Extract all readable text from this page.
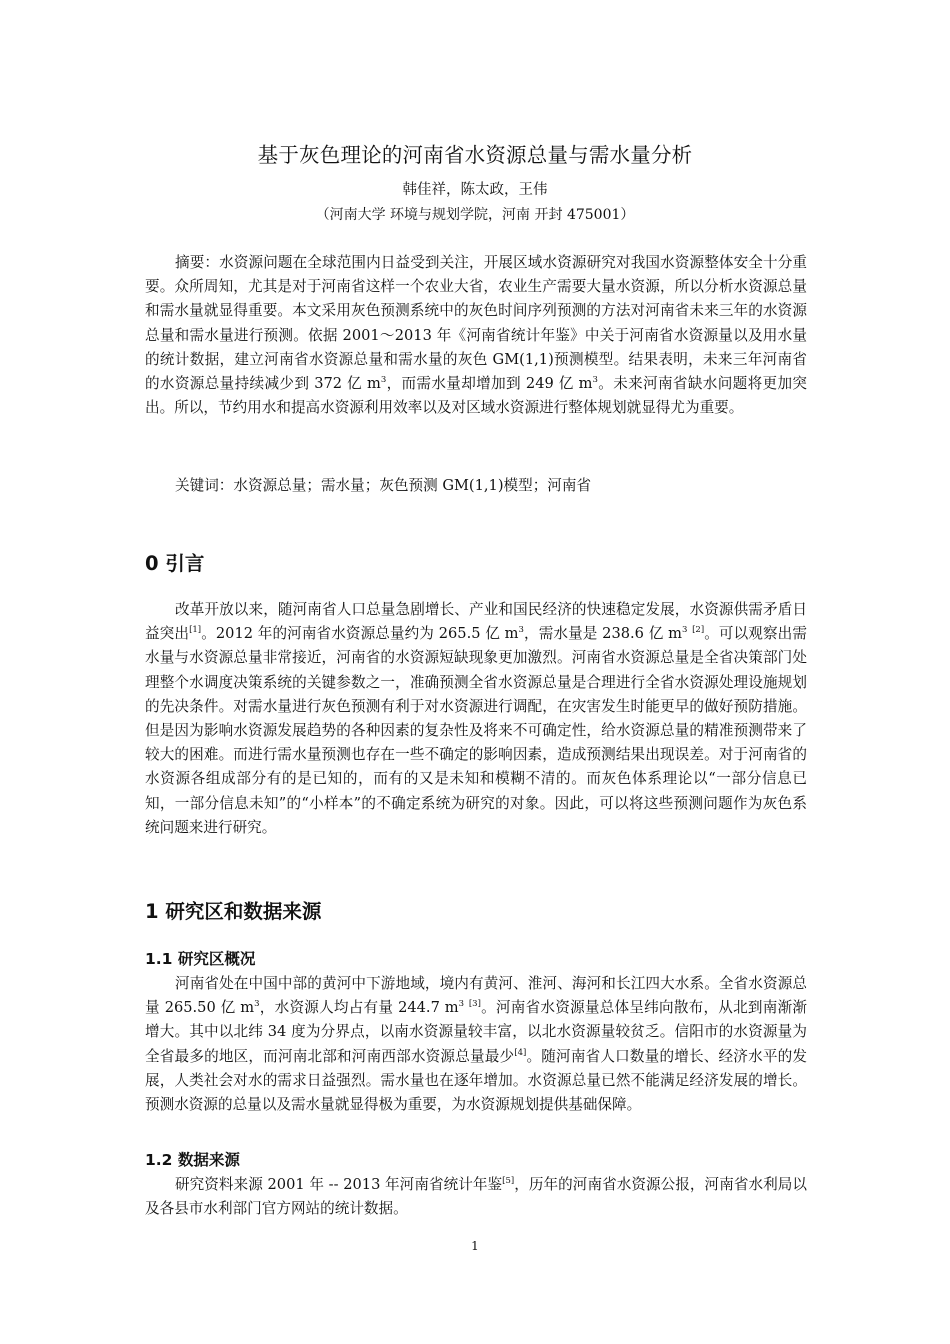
基于灰色理论的河南省水资源总量与需水量分析
韩佳祥，陈太政，王伟
（河南大学 环境与规划学院，河南 开封 475001）

摘要：水资源问题在全球范围内日益受到关注，开展区域水资源研究对我国水资源整体安全十分重要。众所周知，尤其是对于河南省这样一个农业大省，农业生产需要大量水资源，所以分析水资源总量和需水量就显得重要。本文采用灰色预测系统中的灰色时间序列预测的方法对河南省未来三年的水资源总量和需水量进行预测。依据 2001～2013 年《河南省统计年鉴》中关于河南省水资源量以及用水量的统计数据，建立河南省水资源总量和需水量的灰色 GM(1,1)预测模型。结果表明，未来三年河南省的水资源总量持续减少到 372 亿 $m^3$，而需水量却增加到 249 亿 $m^3$。未来河南省缺水问题将更加突出。所以，节约用水和提高水资源利用效率以及对区域水资源进行整体规划就显得尤为重要。

关键词：水资源总量；需水量；灰色预测 GM(1,1)模型；河南省

0 引言

改革开放以来，随河南省人口总量急剧增长、产业和国民经济的快速稳定发展，水资源供需矛盾日益突出[1]。2012 年的河南省水资源总量约为 265.5 亿 $m^3$，需水量是 238.6 亿 $m^3$ [2]。可以观察出需水量与水资源总量非常接近，河南省的水资源短缺现象更加激烈。河南省水资源总量是全省决策部门处理整个水调度决策系统的关键参数之一，准确预测全省水资源总量是合理进行全省水资源处理设施规划的先决条件。对需水量进行灰色预测有利于对水资源进行调配，在灾害发生时能更早的做好预防措施。但是因为影响水资源发展趋势的各种因素的复杂性及将来不可确定性，给水资源总量的精准预测带来了较大的困难。而进行需水量预测也存在一些不确定的影响因素，造成预测结果出现误差。对于河南省的水资源各组成部分有的是已知的，而有的又是未知和模糊不清的。而灰色体系理论以“一部分信息已知，一部分信息未知”的“小样本”的不确定系统为研究的对象。因此，可以将这些预测问题作为灰色系统问题来进行研究。

1 研究区和数据来源
1.1 研究区概况

河南省处在中国中部的黄河中下游地域，境内有黄河、淮河、海河和长江四大水系。全省水资源总量 265.50 亿 $m^3$，水资源人均占有量 244.7 $m^3$ [3]。河南省水资源量总体呈纬向散布，从北到南渐渐增大。其中以北纬 34 度为分界点，以南水资源量较丰富，以北水资源量较贫乏。信阳市的水资源量为全省最多的地区，而河南北部和河南西部水资源总量最少[4]。随河南省人口数量的增长、经济水平的发展，人类社会对水的需求日益强烈。需水量也在逐年增加。水资源总量已然不能满足经济发展的增长。预测水资源的总量以及需水量就显得极为重要，为水资源规划提供基础保障。

1.2 数据来源

研究资料来源 2001 年 -- 2013 年河南省统计年鉴[5]，历年的河南省水资源公报，河南省水利局以及各县市水利部门官方网站的统计数据。

1
